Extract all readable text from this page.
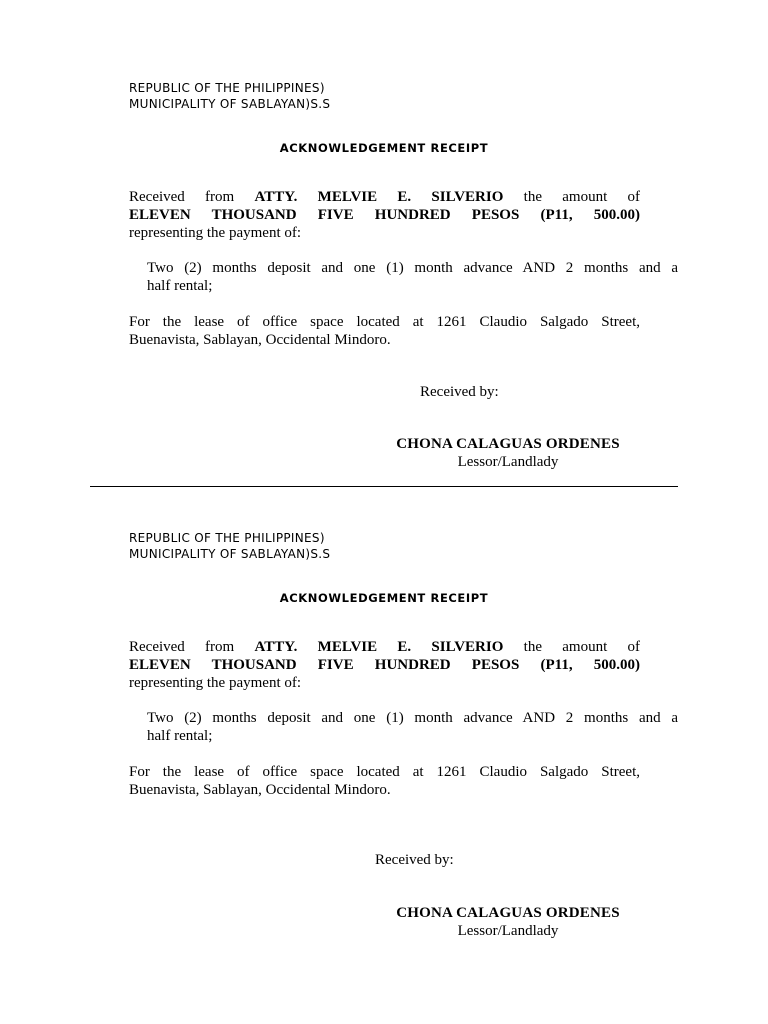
REPUBLIC OF THE PHILIPPINES)
MUNICIPALITY OF SABLAYAN)S.S
ACKNOWLEDGEMENT RECEIPT
Received from ATTY. MELVIE E. SILVERIO the amount of
ELEVEN THOUSAND FIVE HUNDRED PESOS (P11, 500.00)
representing the payment of:
Two (2) months deposit and one (1) month advance AND 2 months and a
half rental;
For the lease of office space located at 1261 Claudio Salgado Street,
Buenavista, Sablayan, Occidental Mindoro.
Received by:
CHONA CALAGUAS ORDENES
Lessor/Landlady
REPUBLIC OF THE PHILIPPINES)
MUNICIPALITY OF SABLAYAN)S.S
ACKNOWLEDGEMENT RECEIPT
Received from ATTY. MELVIE E. SILVERIO the amount of
ELEVEN THOUSAND FIVE HUNDRED PESOS (P11, 500.00)
representing the payment of:
Two (2) months deposit and one (1) month advance AND 2 months and a
half rental;
For the lease of office space located at 1261 Claudio Salgado Street,
Buenavista, Sablayan, Occidental Mindoro.
Received by:
CHONA CALAGUAS ORDENES
Lessor/Landlady
